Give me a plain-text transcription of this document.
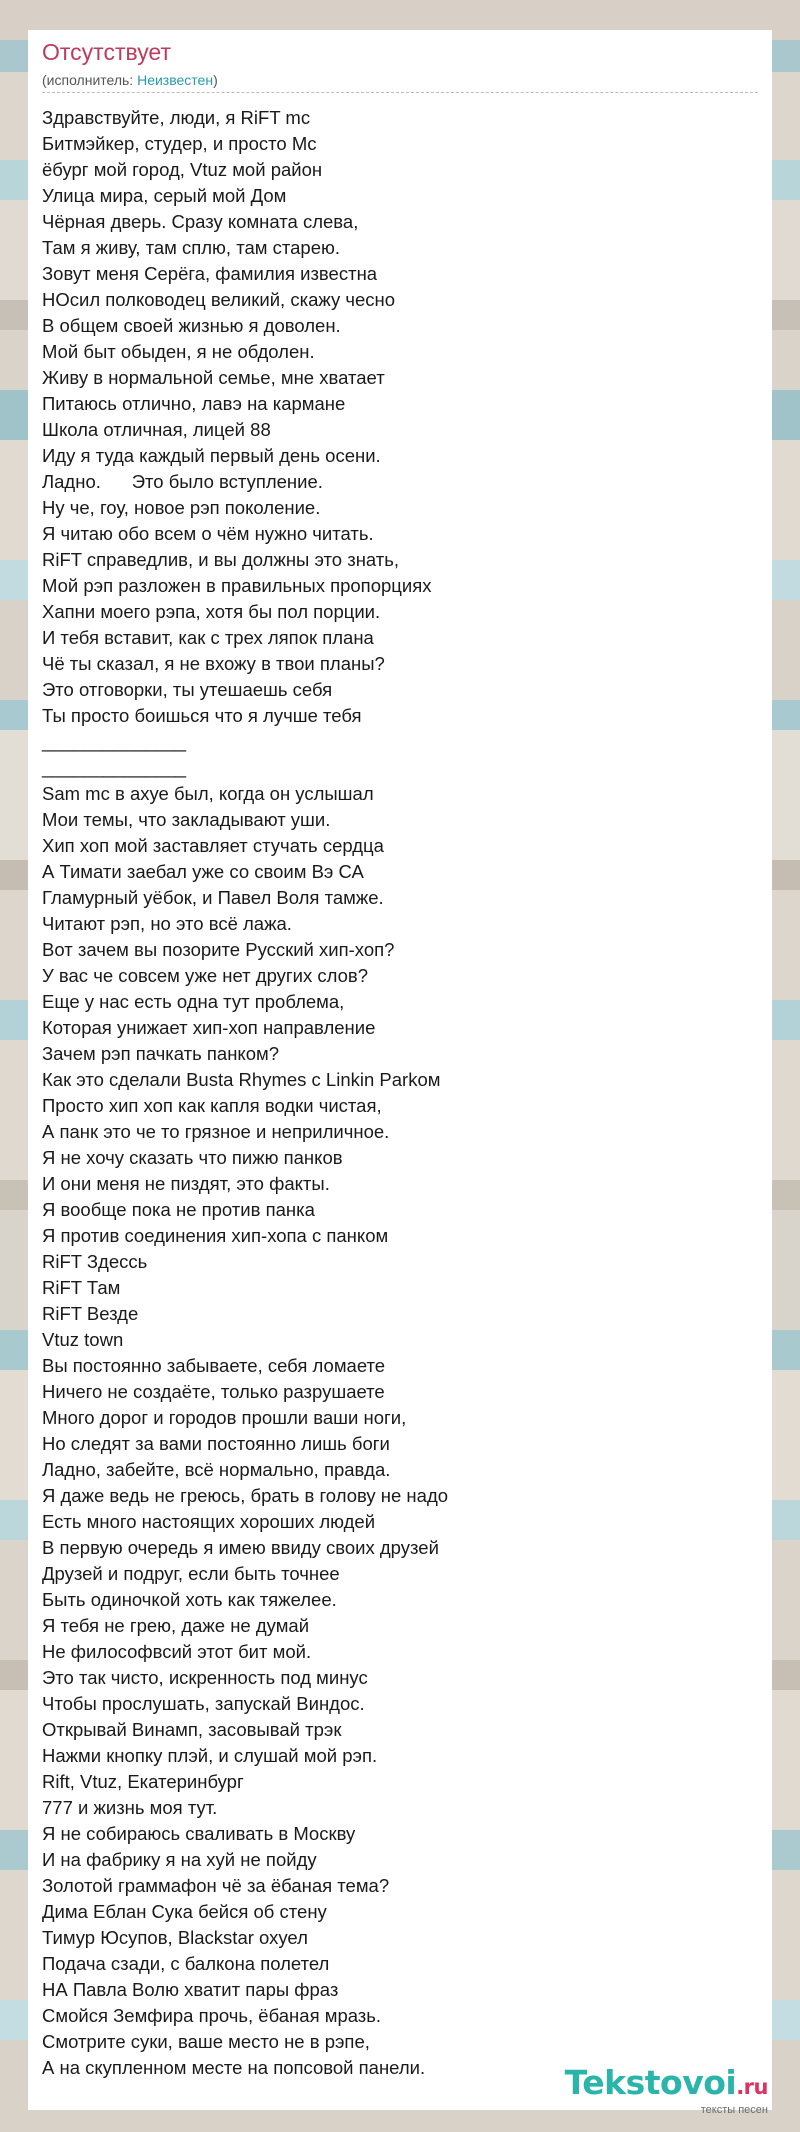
Отсутствует
(исполнитель: Неизвестен)
Здравствуйте, люди, я RiFT mc
Битмэйкер, студер, и просто Mc
ёбург мой город, Vtuz мой район
Улица мира, серый мой Дом
Чёрная дверь. Сразу комната слева,
Там я живу, там сплю, там старею.
Зовут меня Серёга, фамилия известна
НОсил полководец великий, скажу чесно
В общем своей жизнью я доволен.
Мой быт обыден, я не обдолен.
Живу в нормальной семье, мне хватает
Питаюсь отлично, лавэ на кармане
Школа отличная, лицей 88
Иду я туда каждый первый день осени.
Ладно.      Это было вступление.
Ну че, гоу, новое рэп поколение.
Я читаю обо всем о чём нужно читать.
RiFT справедлив, и вы должны это знать,
Мой рэп разложен в правильных пропорциях
Хапни моего рэпа, хотя бы пол порции.
И тебя вставит, как с трех ляпок плана
Чё ты сказал, я не вхожу в твои планы?
Это отговорки, ты утешаешь себя
Ты просто боишься что я лучше тебя
______________
______________
Sam mc в ахуе был, когда он услышал
Мои темы, что закладывают уши.
Хип хоп мой заставляет стучать сердца
А Тимати заебал уже со своим Вэ СА
Гламурный уёбок, и Павел Воля тамже.
Читают рэп, но это всё лажа.
Вот зачем вы позорите Русский хип-хоп?
У вас че совсем уже нет других слов?
Еще у нас есть одна тут проблема,
Которая унижает хип-хоп направление
Зачем рэп пачкать панком?
Как это сделали Busta Rhymes с Linkin Parkом
Просто хип хоп как капля водки чистая,
А панк это че то грязное и неприличное.
Я не хочу сказать что пижю панков
И они меня не пиздят, это факты.
Я вообще пока не против панка
Я против соединения хип-хопа с панком
RiFT Здессь
RiFT Там
RiFT Везде
Vtuz town
Вы постоянно забываете, себя ломаете
Ничего не создаёте, только разрушаете
Много дорог и городов прошли ваши ноги,
Но следят за вами постоянно лишь боги
Ладно, забейте, всё нормально, правда.
Я даже ведь не греюсь, брать в голову не надо
Есть много настоящих хороших людей
В первую очередь я имею ввиду своих друзей
Друзей и подруг, если быть точнее
Быть одиночкой хоть как тяжелее.
Я тебя не грею, даже не думай
Не философвсий этот бит мой.
Это так чисто, искренность под минус
Чтобы прослушать, запускай Виндос.
Открывай Винамп, засовывай трэк
Нажми кнопку плэй, и слушай мой рэп.
Rift, Vtuz, Екатеринбург
777 и жизнь моя тут.
Я не собираюсь сваливать в Москву
И на фабрику я на хуй не пойду
Золотой граммафон чё за ёбаная тема?
Дима Еблан Сука бейся об стену
Тимур Юсупов, Blackstar охуел
Подача сзади, с балкона полетел
НА Павла Волю хватит пары фраз
Смойся Земфира прочь, ёбаная мразь.
Смотрите суки, ваше место не в рэпе,
А на скупленном месте на попсовой панели.	Tekstovoi.ru
тексты песен
